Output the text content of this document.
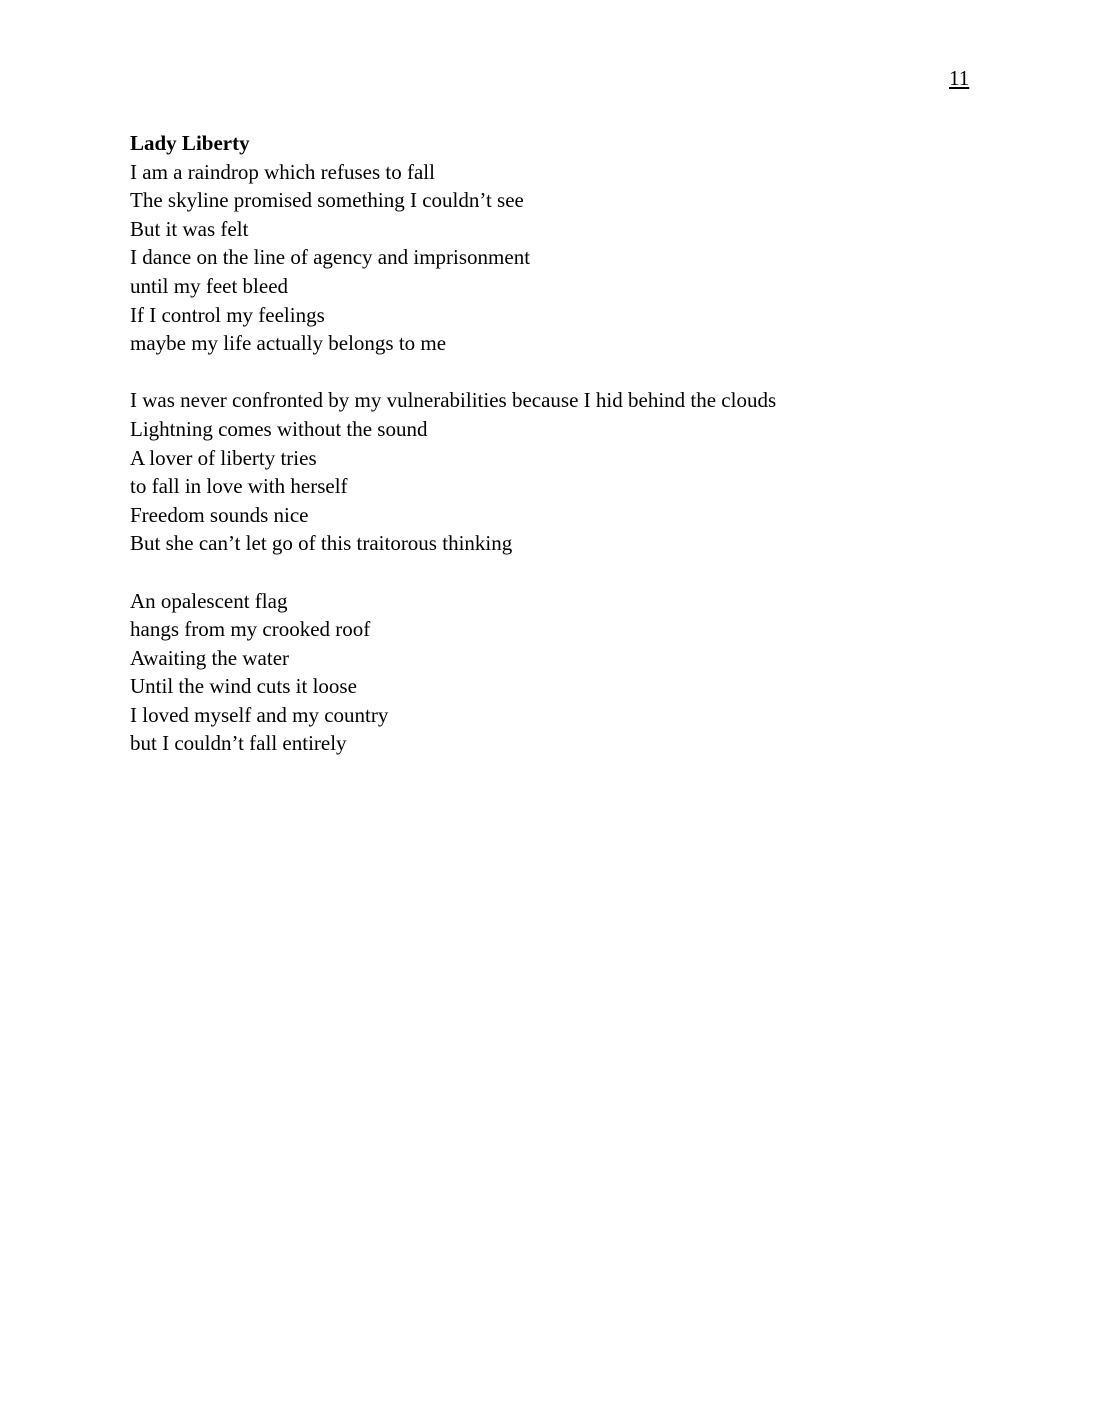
11
Lady Liberty
I am a raindrop which refuses to fall
The skyline promised something I couldn’t see
But it was felt
I dance on the line of agency and imprisonment
until my feet bleed
If I control my feelings
maybe my life actually belongs to me
I was never confronted by my vulnerabilities because I hid behind the clouds
Lightning comes without the sound
A lover of liberty tries
to fall in love with herself
Freedom sounds nice
But she can’t let go of this traitorous thinking
An opalescent flag
hangs from my crooked roof
Awaiting the water
Until the wind cuts it loose
I loved myself and my country
but I couldn’t fall entirely
